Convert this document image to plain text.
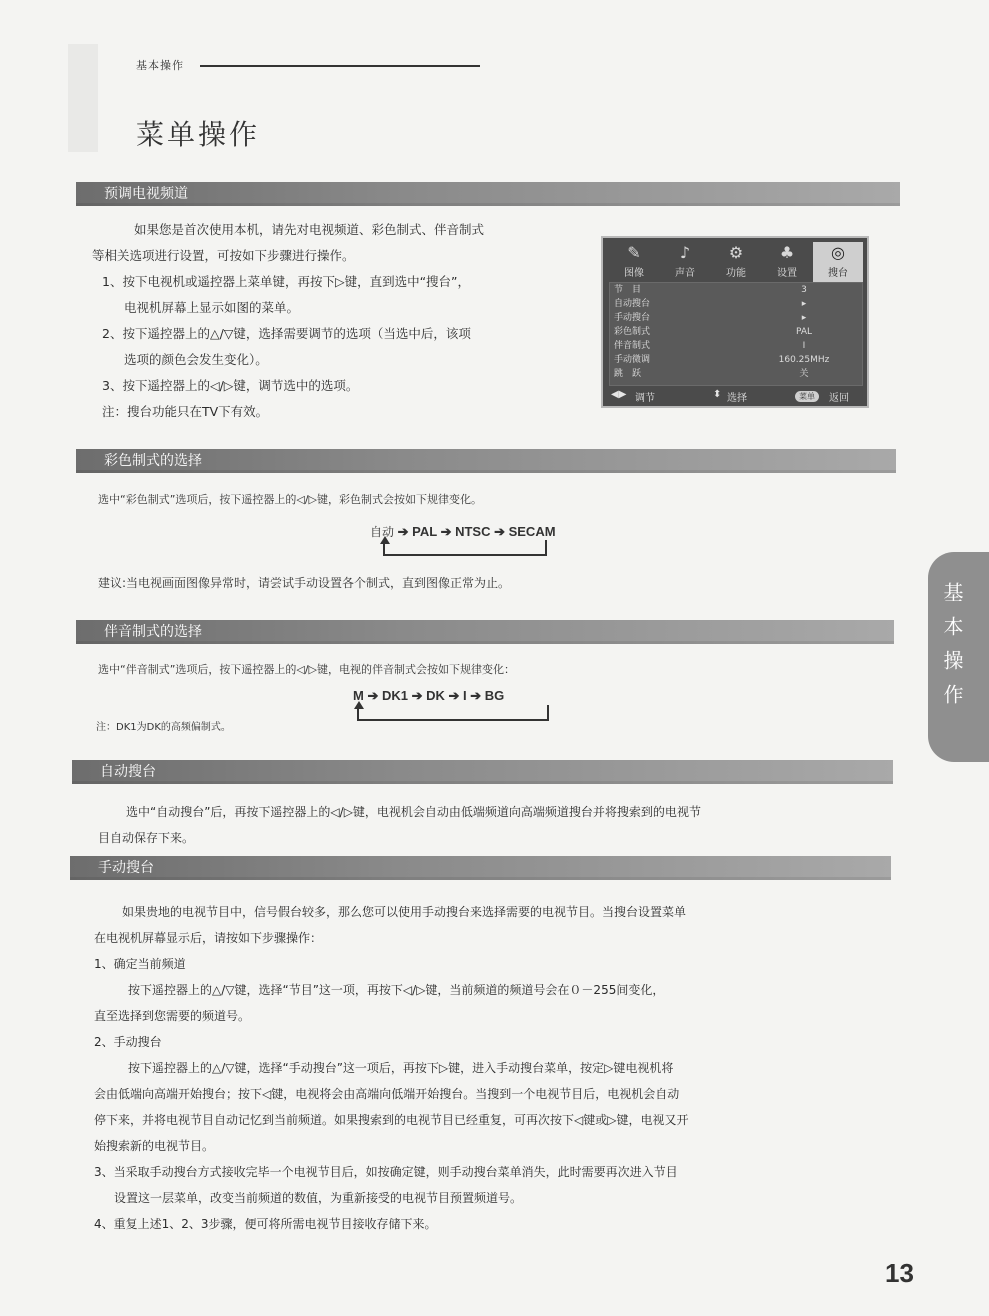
基本操作
菜单操作
预调电视频道
如果您是首次使用本机，请先对电视频道、彩色制式、伴音制式
等相关选项进行设置，可按如下步骤进行操作。
1、按下电视机或遥控器上菜单键，再按下▷键，直到选中“搜台”，
电视机屏幕上显示如图的菜单。
2、按下遥控器上的△/▽键，选择需要调节的选项（当选中后，该项
选项的颜色会发生变化）。
3、按下遥控器上的◁/▷键，调节选中的选项。
注：搜台功能只在TV下有效。
✎
图像
♪
声音
⚙
功能
♣
设置
◎
搜台
节　目	3
自动搜台	▸
手动搜台	▸
彩色制式	PAL
伴音制式	I
手动微调	160.25MHz
跳　跃	关
◀▶ 调节	⬍ 选择	菜单	返回
彩色制式的选择
选中“彩色制式”选项后，按下遥控器上的◁/▷键，彩色制式会按如下规律变化。
自动 ➔ PAL ➔ NTSC ➔ SECAM
建议:当电视画面图像异常时，请尝试手动设置各个制式，直到图像正常为止。
伴音制式的选择
选中“伴音制式”选项后，按下遥控器上的◁/▷键，电视的伴音制式会按如下规律变化：
M ➔ DK1 ➔ DK ➔ I ➔ BG
注：DK1为DK的高频偏制式。
自动搜台
选中“自动搜台”后，再按下遥控器上的◁/▷键，电视机会自动由低端频道向高端频道搜台并将搜索到的电视节
目自动保存下来。
手动搜台
如果贵地的电视节目中，信号假台较多，那么您可以使用手动搜台来选择需要的电视节目。当搜台设置菜单
在电视机屏幕显示后，请按如下步骤操作：
1、确定当前频道
按下遥控器上的△/▽键，选择“节目”这一项，再按下◁/▷键，当前频道的频道号会在０－255间变化，
直至选择到您需要的频道号。
2、手动搜台
按下遥控器上的△/▽键，选择“手动搜台”这一项后，再按下▷键，进入手动搜台菜单，按定▷键电视机将
会由低端向高端开始搜台；按下◁键，电视将会由高端向低端开始搜台。当搜到一个电视节目后，电视机会自动
停下来，并将电视节目自动记忆到当前频道。如果搜索到的电视节目已经重复，可再次按下◁键或▷键，电视又开
始搜索新的电视节目。
3、当采取手动搜台方式接收完毕一个电视节目后，如按确定键，则手动搜台菜单消失，此时需要再次进入节目
设置这一层菜单，改变当前频道的数值，为重新接受的电视节目预置频道号。
4、重复上述1、2、3步骤，便可将所需电视节目接收存储下来。
基本操作
13
